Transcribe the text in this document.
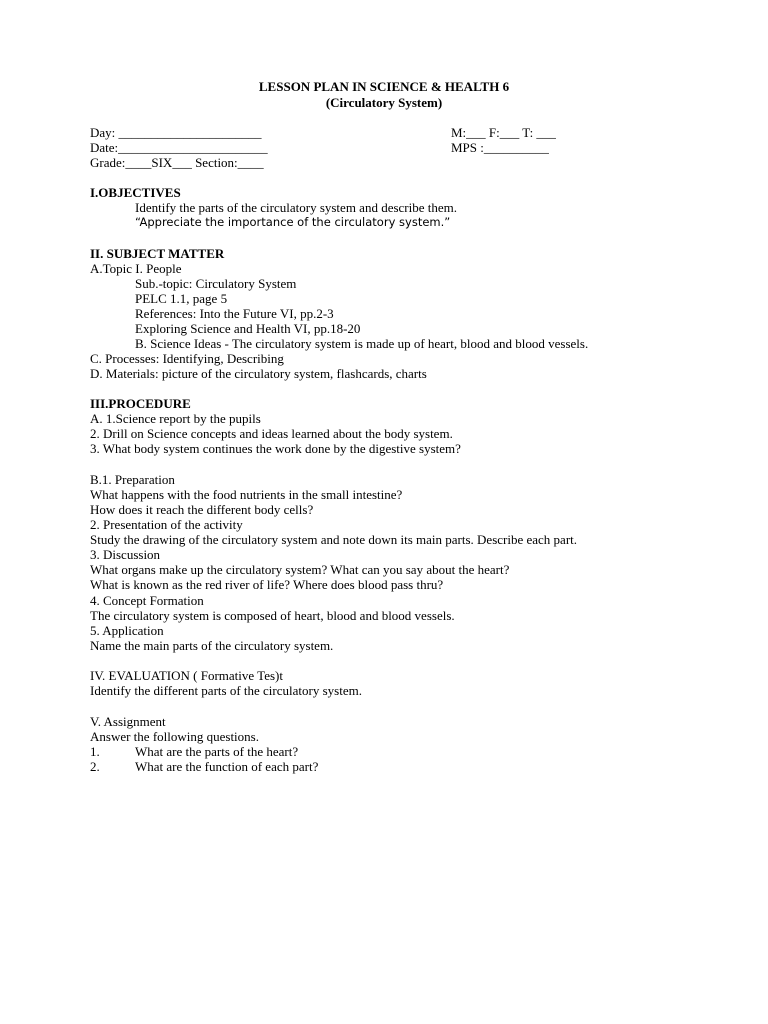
LESSON PLAN IN SCIENCE & HEALTH 6
(Circulatory System)
Day: ______________________	M:___ F:___ T: ___
Date:_______________________	MPS :__________
Grade:____SIX___ Section:____
I.OBJECTIVES
Identify the parts of the circulatory system and describe them.
“Appreciate the importance of the circulatory system.”
II. SUBJECT MATTER
A.Topic I. People
Sub.-topic: Circulatory System
PELC 1.1, page 5
References: Into the Future VI, pp.2-3
Exploring Science and Health VI, pp.18-20
B. Science Ideas - The circulatory system is made up of heart, blood and blood vessels.
C. Processes: Identifying, Describing
D. Materials: picture of the circulatory system, flashcards, charts
III.PROCEDURE
A. 1.Science report by the pupils
2. Drill on Science concepts and ideas learned about the body system.
3. What body system continues the work done by the digestive system?
B.1. Preparation
What happens with the food nutrients in the small intestine?
How does it reach the different body cells?
2. Presentation of the activity
Study the drawing of the circulatory system and note down its main parts. Describe each part.
3. Discussion
What organs make up the circulatory system? What can you say about the heart?
What is known as the red river of life? Where does blood pass thru?
4. Concept Formation
The circulatory system is composed of heart, blood and blood vessels.
5. Application
Name the main parts of the circulatory system.
IV. EVALUATION ( Formative Tes)t
Identify the different parts of the circulatory system.
V. Assignment
Answer the following questions.
1.	What are the parts of the heart?
2.	What are the function of each part?
